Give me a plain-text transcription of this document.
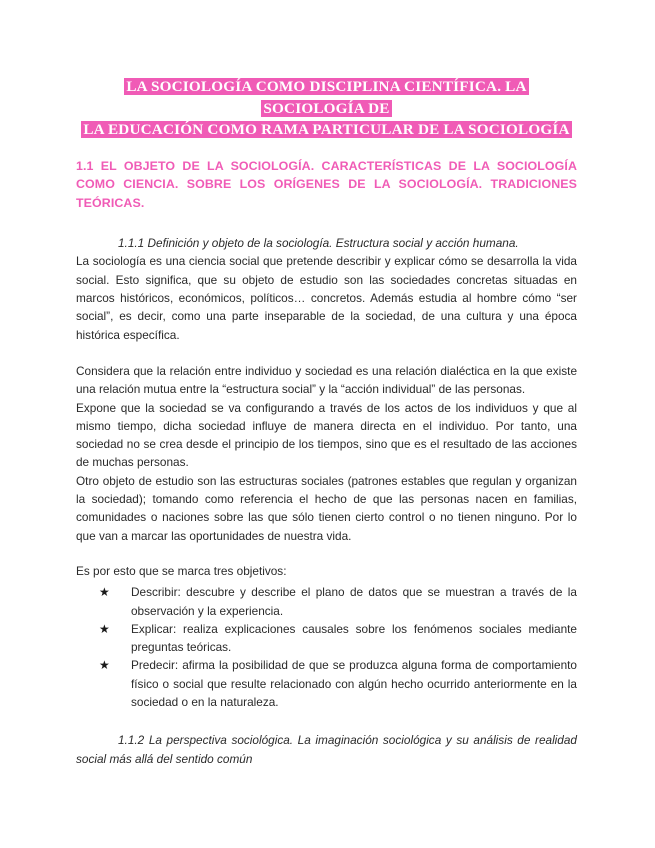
LA SOCIOLOGÍA COMO DISCIPLINA CIENTÍFICA. LA SOCIOLOGÍA DE
LA EDUCACIÓN COMO RAMA PARTICULAR DE LA SOCIOLOGÍA
1.1 EL OBJETO DE LA SOCIOLOGÍA. CARACTERÍSTICAS DE LA SOCIOLOGÍA COMO CIENCIA. SOBRE LOS ORÍGENES DE LA SOCIOLOGÍA. TRADICIONES TEÓRICAS.
1.1.1 Definición y objeto de la sociología. Estructura social y acción humana.

La sociología es una ciencia social que pretende describir y explicar cómo se desarrolla la vida social. Esto significa, que su objeto de estudio son las sociedades concretas situadas en marcos históricos, económicos, políticos… concretos. Además estudia al hombre cómo “ser social”, es decir, como una parte inseparable de la sociedad, de una cultura y una época histórica específica.

Considera que la relación entre individuo y sociedad es una relación dialéctica en la que existe una relación mutua entre la “estructura social” y la “acción individual” de las personas.

Expone que la sociedad se va configurando a través de los actos de los individuos y que al mismo tiempo, dicha sociedad influye de manera directa en el individuo. Por tanto, una sociedad no se crea desde el principio de los tiempos, sino que es el resultado de las acciones de muchas personas.

Otro objeto de estudio son las estructuras sociales (patrones estables que regulan y organizan la sociedad); tomando como referencia el hecho de que las personas nacen en familias, comunidades o naciones sobre las que sólo tienen cierto control o no tienen ninguno. Por lo que van a marcar las oportunidades de nuestra vida.

Es por esto que se marca tres objetivos:

★ Describir: descubre y describe el plano de datos que se muestran a través de la observación y la experiencia.
★ Explicar: realiza explicaciones causales sobre los fenómenos sociales mediante preguntas teóricas.
★ Predecir: afirma la posibilidad de que se produzca alguna forma de comportamiento físico o social que resulte relacionado con algún hecho ocurrido anteriormente en la sociedad o en la naturaleza.
1.1.2 La perspectiva sociológica. La imaginación sociológica y su análisis de realidad social más allá del sentido común
